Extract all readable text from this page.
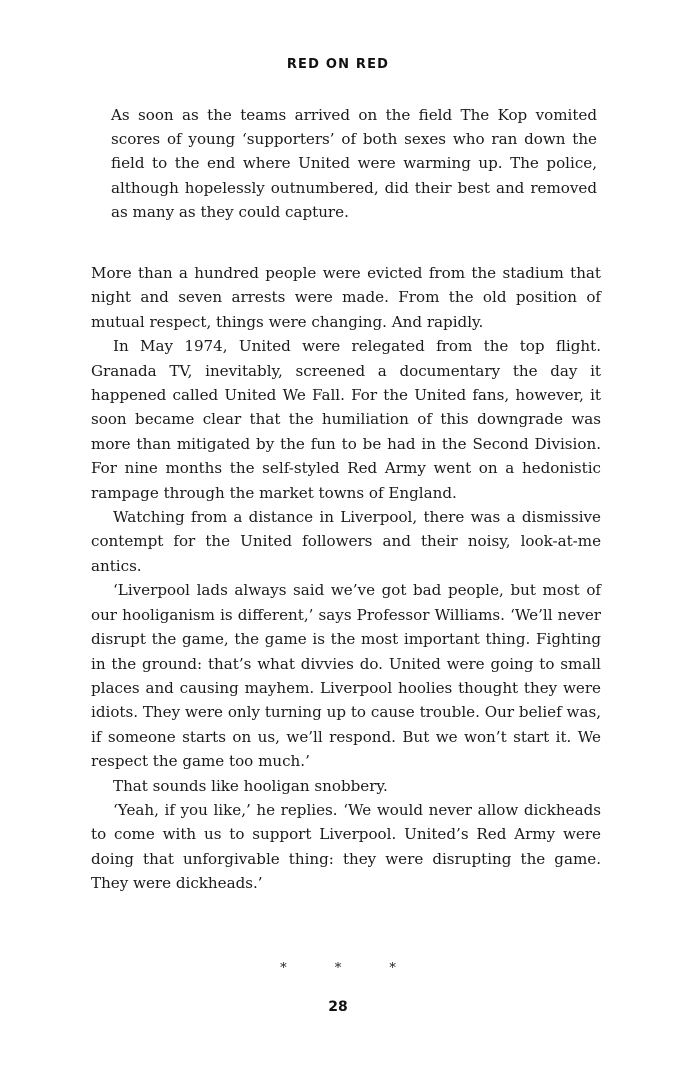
RED ON RED
As soon as the teams arrived on the field The Kop vomited scores of young ‘supporters’ of both sexes who ran down the field to the end where United were warming up. The police, although hopelessly outnumbered, did their best and removed as many as they could capture.

More than a hundred people were evicted from the stadium that night and seven arrests were made. From the old position of mutual respect, things were changing. And rapidly.

In May 1974, United were relegated from the top flight. Granada TV, inevitably, screened a documentary the day it happened called United We Fall. For the United fans, however, it soon became clear that the humiliation of this downgrade was more than mitigated by the fun to be had in the Second Division. For nine months the self-styled Red Army went on a hedonistic rampage through the market towns of England.

Watching from a distance in Liverpool, there was a dismissive contempt for the United followers and their noisy, look-at-me antics.

‘Liverpool lads always said we’ve got bad people, but most of our hooliganism is different,’ says Professor Williams. ‘We’ll never disrupt the game, the game is the most important thing. Fighting in the ground: that’s what divvies do. United were going to small places and causing mayhem. Liverpool hoolies thought they were idiots. They were only turning up to cause trouble. Our belief was, if someone starts on us, we’ll respond. But we won’t start it. We respect the game too much.’

That sounds like hooligan snobbery.

‘Yeah, if you like,’ he replies. ‘We would never allow dickheads to come with us to support Liverpool. United’s Red Army were doing that unforgivable thing: they were disrupting the game. They were dickheads.’

* * *
28
